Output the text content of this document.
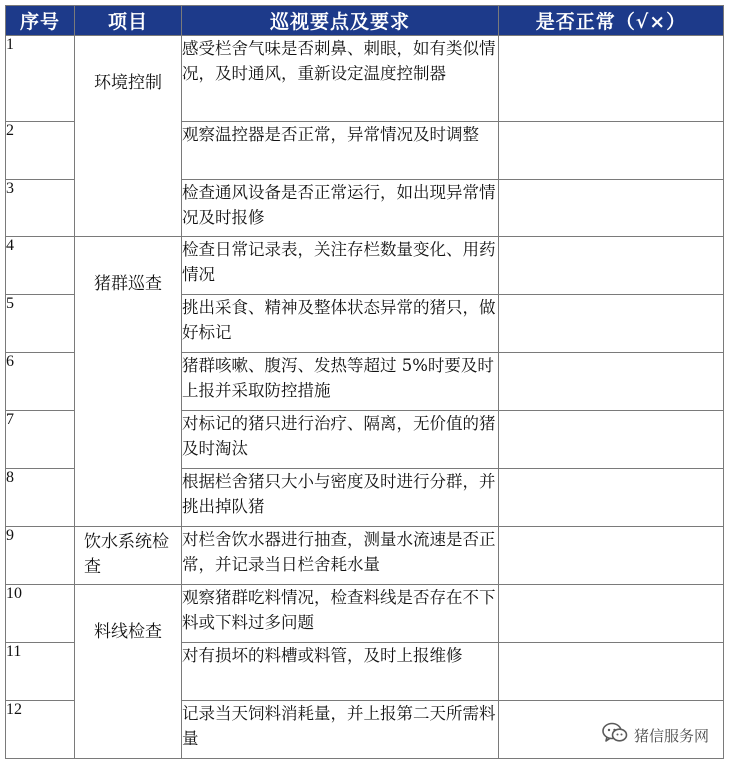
序号	项目	巡视要点及要求	是否正常（√×）
1	环境控制	感受栏舍气味是否刺鼻、刺眼，如有类似情况，及时通风，重新设定温度控制器	
2		观察温控器是否正常，异常情况及时调整	
3		检查通风设备是否正常运行，如出现异常情况及时报修	
4	猪群巡查	检查日常记录表，关注存栏数量变化、用药情况	
5		挑出采食、精神及整体状态异常的猪只，做好标记	
6		猪群咳嗽、腹泻、发热等超过 5%时要及时上报并采取防控措施	
7		对标记的猪只进行治疗、隔离，无价值的猪及时淘汰	
8		根据栏舍猪只大小与密度及时进行分群，并挑出掉队猪	
9	饮水系统检查	对栏舍饮水器进行抽查，测量水流速是否正常，并记录当日栏舍耗水量	
10	料线检查	观察猪群吃料情况，检查料线是否存在不下料或下料过多问题	
11		对有损坏的料槽或料管，及时上报维修	
12		记录当天饲料消耗量，并上报第二天所需料量		猪信服务网
